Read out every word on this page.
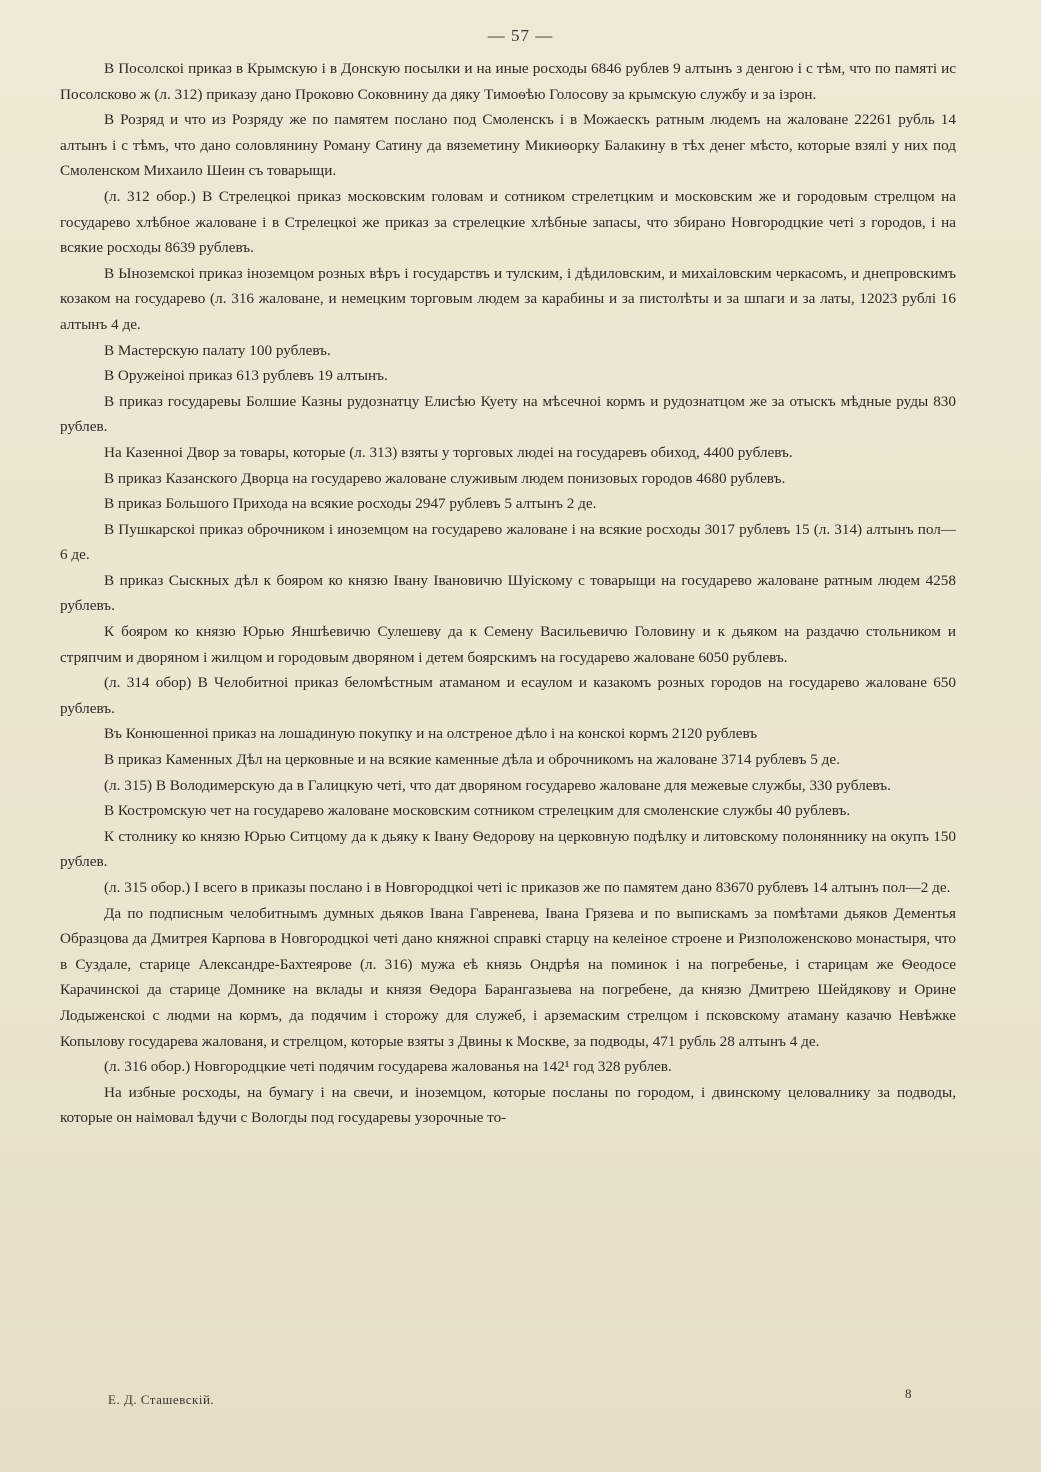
— 57 —

В Посолскоі приказ в Крымскую і в Донскую посылки и на иные росходы 6846 рублев 9 алтынъ з денгою і с тѣм, что по памяті ис Посолсково ж (л. 312) приказу дано Проковю Соковнину да дяку Тимоѳѣю Голосову за крымскую службу и за ізрон.

В Розряд и что из Розряду же по памятем послано под Смоленскъ і в Можаескъ ратным людемъ на жаловане 22261 рубль 14 алтынъ і с тѣмъ, что дано соловлянину Роману Сатину да вяземетину Микиѳорку Балакину в тѣх денег мѣсто, которые взялі у них под Смоленском Михаило Шеин съ товарыщи.

(л. 312 обор.) В Стрелецкоі приказ московским головам и сотником стрелетцким и московским же и городовым стрелцом на государево хлѣбное жаловане і в Стрелецкоі же приказ за стрелецкие хлѣбные запасы, что збирано Новгородцкие четі з городов, і на всякие росходы 8639 рублевъ.

В Ыноземскоі приказ іноземцом розных вѣръ і государствъ и тулским, і дѣдиловским, и михаiловским черкасомъ, и днепровскимъ козаком на государево (л. 316 жаловане, и немецким торговым людем за карабины и за пистолѣты и за шпаги и за латы, 12023 рублі 16 алтынъ 4 де.

В Мастерскую палату 100 рублевъ.

В Оружеiноi приказ 613 рублевъ 19 алтынъ.

В приказ государевы Болшие Казны рудознатцу Елисѣю Куету на мѣсечноi кормъ и рудознатцом же за отыскъ мѣдные руды 830 рублев.

На Казенноi Двор за товары, которые (л. 313) взяты у торговых людеi на государевъ обиход, 4400 рублевъ.

В приказ Казанского Дворца на государево жаловане служивым людем понизовых городов 4680 рублевъ.

В приказ Большого Прихода на всякие росходы 2947 рублевъ 5 алтынъ 2 де.

В Пушкарскоi приказ оброчником і иноземцом на государево жаловане і на всякие росходы 3017 рублевъ 15 (л. 314) алтынъ пол—6 де.

В приказ Сыскных дѣл к бояром ко князю Івану Івановичю Шуiскому с товарыщи на государево жаловане ратным людем 4258 рублевъ.

К бояром ко князю Юрью Яншѣевичю Сулешеву да к Семену Васильевичю Головину и к дьяком на раздачю стольником и стряпчим и дворяном і жилцом и городовым дворяном і детем боярскимъ на государево жаловане 6050 рублевъ.

(л. 314 обор) В Челобитноi приказ беломѣстным атаманом и есаулом и казакомъ розных городов на государево жаловане 650 рублевъ.

Въ Конюшенноi приказ на лошадиную покупку и на олстреное дѣло і на конскоi кормъ 2120 рублевъ

В приказ Каменных Дѣл на церковные и на всякие каменные дѣла и оброчникомъ на жаловане 3714 рублевъ 5 де.

(л. 315) В Володимерскую да в Галицкую четі, что дат дворяном государево жаловане для межевые службы, 330 рублевъ.

В Костромскую чет на государево жаловане московским сотником стрелецким для смоленские службы 40 рублевъ.

К столнику ко князю Юрью Ситцому да к дьяку к Івану Ѳедорову на церковную подѣлку и литовскому полоняннику на окупъ 150 рублев.

(л. 315 обор.) І всего в приказы послано і в Новгородцкоi четі іс приказов же по памятем дано 83670 рублевъ 14 алтынъ пол—2 де.

Да по подписным челобитнымъ думных дьяков Івана Гавренева, Івана Грязева и по выпискамъ за помѣтами дьяков Дементья Образцова да Дмитрея Карпова в Новгородцкоi четі дано княжноi справкі старцу на келеiное строене и Ризположенсково монастыря, что в Суздале, старице Александре-Бахтеярове (л. 316) мужа еѣ князь Ондрѣя на поминок і на погребенье, і старицам же Ѳеодосе Карачинскоi да старице Домнике на вклады и князя Ѳедора Барангазыева на погребене, да князю Дмитрею Шейдякову и Орине Лодыженскоi с людми на кормъ, да подячим і сторожу для служеб, і арземаским стрелцом і псковскому атаману казачю Невѣжке Копылову государева жалованя, и стрелцом, которые взяты з Двины к Москве, за подводы, 471 рубль 28 алтынъ 4 де.

(л. 316 обор.) Новгородцкие четі подячим государева жалованья на 142¹ год 328 рублев.

На избные росходы, на бумагу і на свечи, и іноземцом, которые посланы по городом, і двинскому целовалнику за подводы, которые он наiмовал ѣдучи с Вологды под государевы узорочные то-

Е. Д. Сташевскiй.	8
